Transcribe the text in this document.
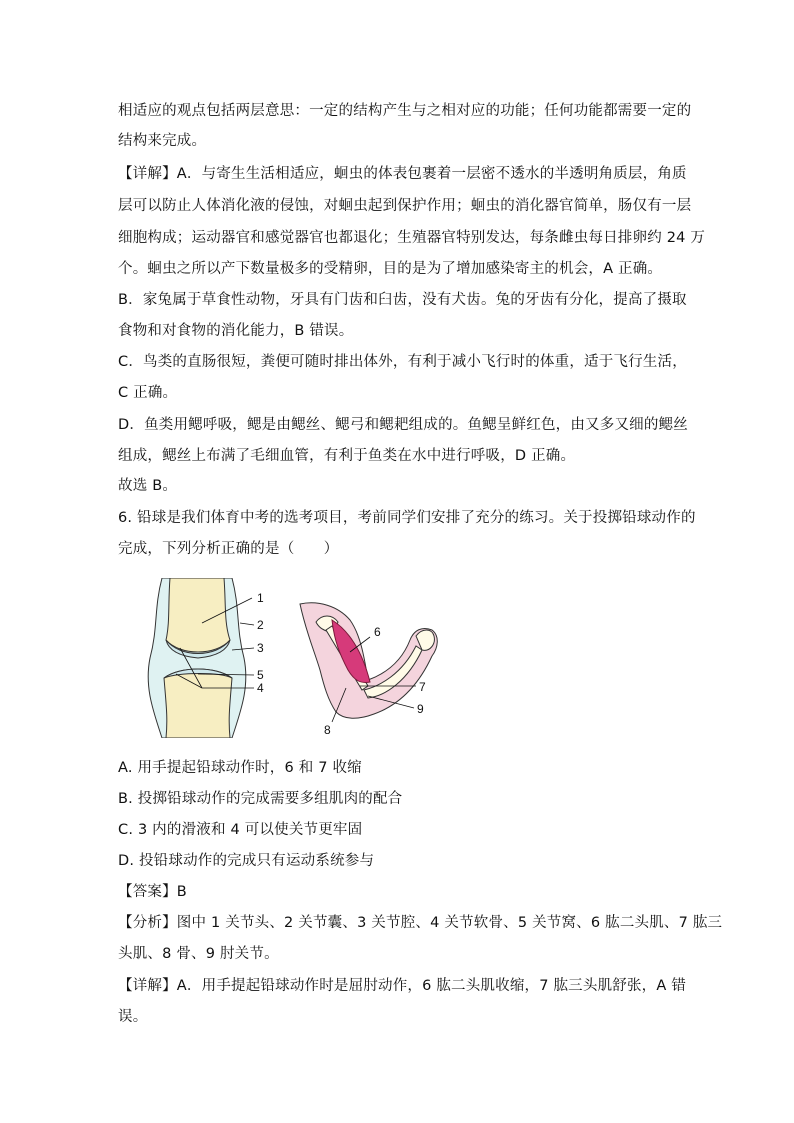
相适应的观点包括两层意思：一定的结构产生与之相对应的功能；任何功能都需要一定的
结构来完成。
【详解】A．与寄生生活相适应，蛔虫的体表包裹着一层密不透水的半透明角质层，角质
层可以防止人体消化液的侵蚀，对蛔虫起到保护作用；蛔虫的消化器官简单，肠仅有一层
细胞构成；运动器官和感觉器官也都退化；生殖器官特别发达，每条雌虫每日排卵约 24 万
个。蛔虫之所以产下数量极多的受精卵，目的是为了增加感染寄主的机会，A 正确。
B．家兔属于草食性动物，牙具有门齿和臼齿，没有犬齿。兔的牙齿有分化，提高了摄取
食物和对食物的消化能力，B 错误。
C．鸟类的直肠很短，粪便可随时排出体外，有利于减小飞行时的体重，适于飞行生活，
C 正确。
D．鱼类用鳃呼吸，鳃是由鳃丝、鳃弓和鳃耙组成的。鱼鳃呈鲜红色，由又多又细的鳃丝
组成，鳃丝上布满了毛细血管，有利于鱼类在水中进行呼吸，D 正确。
故选 B。
6. 铅球是我们体育中考的选考项目，考前同学们安排了充分的练习。关于投掷铅球动作的
完成，下列分析正确的是（　　）
1
2
3
5
4
6
7
8
9
A. 用手提起铅球动作时，6 和 7 收缩
B. 投掷铅球动作的完成需要多组肌肉的配合
C. 3 内的滑液和 4 可以使关节更牢固
D. 投铅球动作的完成只有运动系统参与
【答案】B
【分析】图中 1 关节头、2 关节囊、3 关节腔、4 关节软骨、5 关节窝、6 肱二头肌、7 肱三
头肌、8 骨、9 肘关节。
【详解】A．用手提起铅球动作时是屈肘动作，6 肱二头肌收缩，7 肱三头肌舒张，A 错
误。
